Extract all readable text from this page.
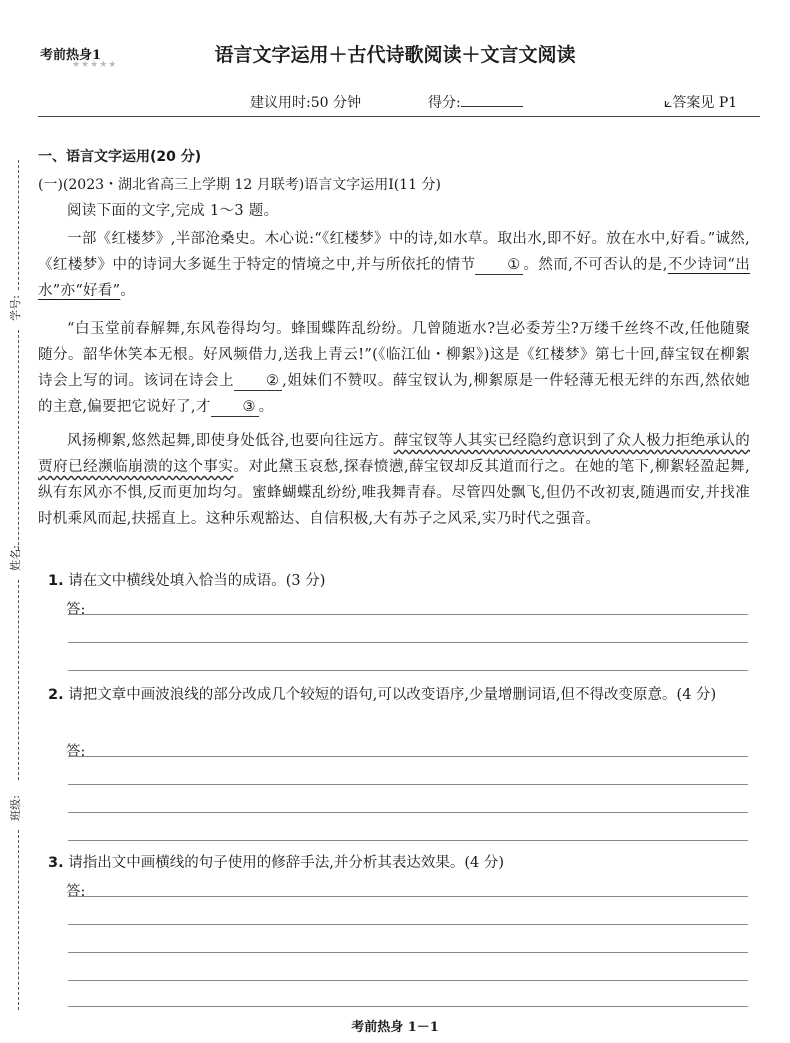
考前热身1
★★★★★	语言文字运用＋古代诗歌阅读＋文言文阅读
建议用时:50 分钟	得分:	⟀答案见 P1
学号:
姓名:
班级:
一、语言文字运用(20 分)
(一)(2023・湖北省高三上学期 12 月联考)语言文字运用Ⅰ(11 分)
阅读下面的文字,完成 1～3 题。
一部《红楼梦》,半部沧桑史。木心说:“《红楼梦》中的诗,如水草。取出水,即不好。放在水中,好看。”诚然,《红楼梦》中的诗词大多诞生于特定的情境之中,并与所依托的情节 ① 。然而,不可否认的是,不少诗词“出水”亦“好看”。
“白玉堂前春解舞,东风卷得均匀。蜂围蝶阵乱纷纷。几曾随逝水?岂必委芳尘?万缕千丝终不改,任他随聚随分。韶华休笑本无根。好风频借力,送我上青云!”(《临江仙・柳絮》)这是《红楼梦》第七十回,薛宝钗在柳絮诗会上写的词。该词在诗会上 ② ,姐妹们不赞叹。薛宝钗认为,柳絮原是一件轻薄无根无绊的东西,然依她的主意,偏要把它说好了,才 ③ 。
风扬柳絮,悠然起舞,即使身处低谷,也要向往远方。薛宝钗等人其实已经隐约意识到了众人极力拒绝承认的贾府已经濒临崩溃的这个事实。对此黛玉哀愁,探春愤懑,薛宝钗却反其道而行之。在她的笔下,柳絮轻盈起舞,纵有东风亦不惧,反而更加均匀。蜜蜂蝴蝶乱纷纷,唯我舞青春。尽管四处飘飞,但仍不改初衷,随遇而安,并找准时机乘风而起,扶摇直上。这种乐观豁达、自信积极,大有苏子之风采,实乃时代之强音。
1. 请在文中横线处填入恰当的成语。(3 分)
答:
2. 请把文章中画波浪线的部分改成几个较短的语句,可以改变语序,少量增删词语,但不得改变原意。(4 分)
答:
3. 请指出文中画横线的句子使用的修辞手法,并分析其表达效果。(4 分)
答:
考前热身 1－1
